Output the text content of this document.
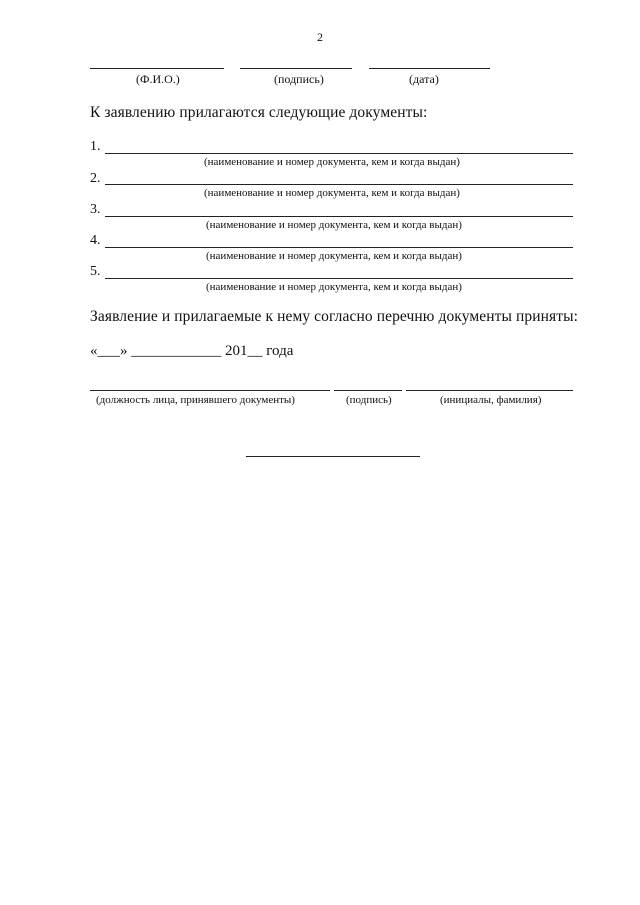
2
(Ф.И.О.)	(подпись)	(дата)
К заявлению прилагаются следующие документы:
1.
(наименование и номер документа, кем и когда выдан)
2.
(наименование и номер документа, кем и когда выдан)
3.
(наименование и номер документа, кем и когда выдан)
4.
(наименование и номер документа, кем и когда выдан)
5.
(наименование и номер документа, кем и когда выдан)
Заявление и прилагаемые к нему согласно перечню документы приняты:
«___» ____________ 201__ года
(должность лица, принявшего документы)	(подпись)	(инициалы, фамилия)
